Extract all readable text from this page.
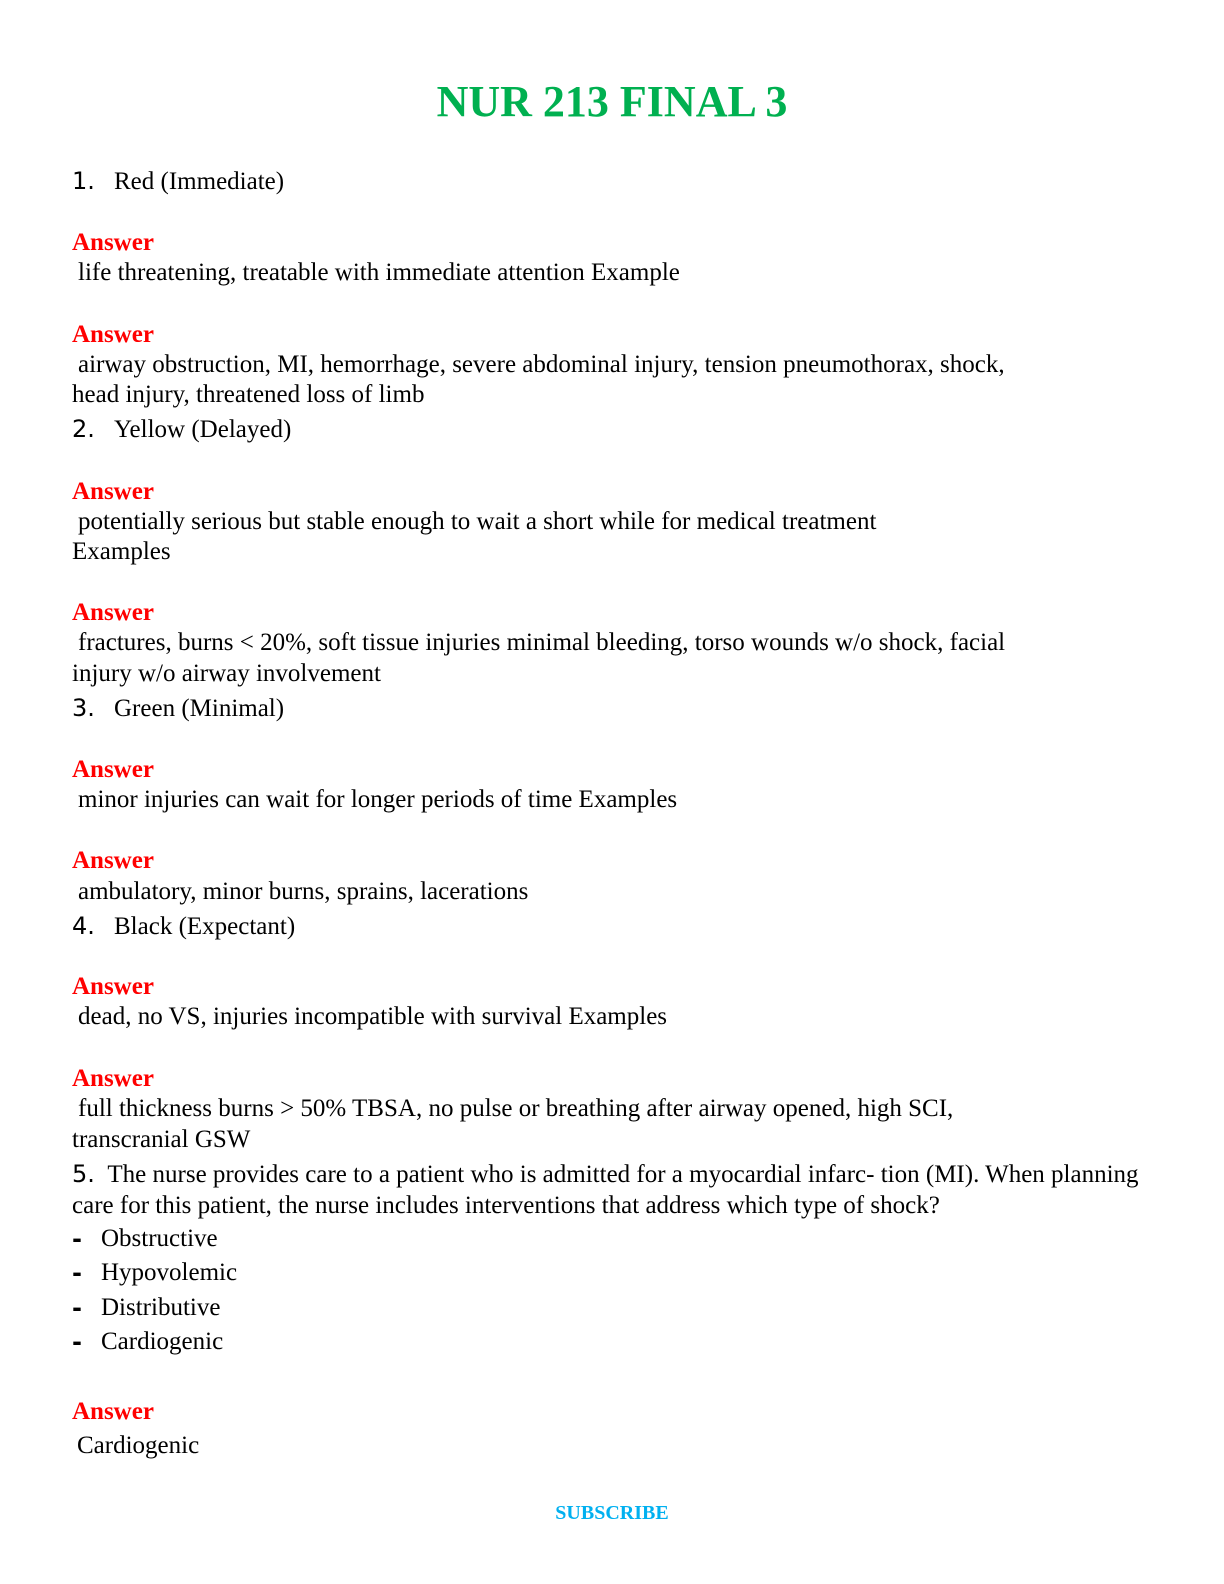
NUR 213 FINAL 3
1. Red (Immediate)
Answer
life threatening, treatable with immediate attention Example
Answer
airway obstruction, MI, hemorrhage, severe abdominal injury, tension pneumothorax, shock,
head injury, threatened loss of limb
2. Yellow (Delayed)
Answer
potentially serious but stable enough to wait a short while for medical treatment
Examples
Answer
fractures, burns < 20%, soft tissue injuries minimal bleeding, torso wounds w/o shock, facial
injury w/o airway involvement
3. Green (Minimal)
Answer
minor injuries can wait for longer periods of time Examples
Answer
ambulatory, minor burns, sprains, lacerations
4. Black (Expectant)
Answer
dead, no VS, injuries incompatible with survival Examples
Answer
full thickness burns > 50% TBSA, no pulse or breathing after airway opened, high SCI,
transcranial GSW
5. The nurse provides care to a patient who is admitted for a myocardial infarc- tion (MI). When planning care for this patient, the nurse includes interventions that address which type of shock?
- Obstructive
- Hypovolemic
- Distributive
- Cardiogenic
Answer
Cardiogenic
SUBSCRIBE
